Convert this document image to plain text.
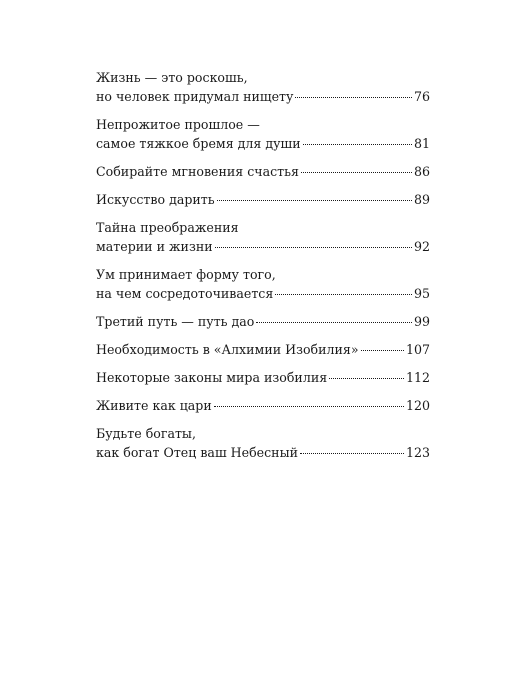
Жизнь — это роскошь,
но человек придумал нищету	76
Непрожитое прошлое —
самое тяжкое бремя для души	81
Собирайте мгновения счастья	86
Искусство дарить	89
Тайна преображения
материи и жизни	92
Ум принимает форму того,
на чем сосредоточивается	95
Третий путь — путь дао	99
Необходимость в «Алхимии Изобилия»	107
Некоторые законы мира изобилия	112
Живите как цари	120
Будьте богаты,
как богат Отец ваш Небесный	123
